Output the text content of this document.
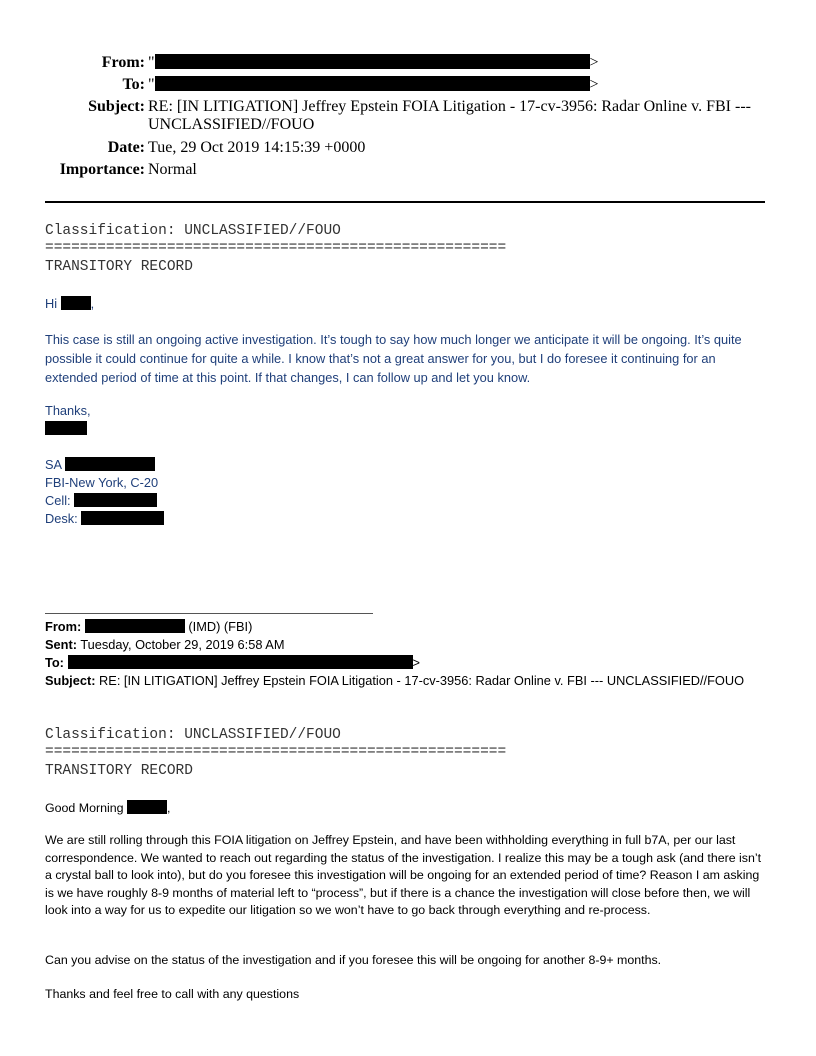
From: "	>
To: "	>
Subject: RE: [IN LITIGATION] Jeffrey Epstein FOIA Litigation - 17-cv-3956: Radar Online v. FBI --- UNCLASSIFIED//FOUO
Date: Tue, 29 Oct 2019 14:15:39 +0000
Importance: Normal
Classification: UNCLASSIFIED//FOUO
=====================================================
TRANSITORY RECORD
Hi	,
This case is still an ongoing active investigation. It’s tough to say how much longer we anticipate it will be ongoing. It’s quite possible it could continue for quite a while. I know that’s not a great answer for you, but I do foresee it continuing for an extended period of time at this point. If that changes, I can follow up and let you know.
Thanks,
SA
FBI-New York, C-20
Cell:
Desk:
From:	(IMD) (FBI)
Sent: Tuesday, October 29, 2019 6:58 AM
To:	>
Subject: RE: [IN LITIGATION] Jeffrey Epstein FOIA Litigation - 17-cv-3956: Radar Online v. FBI --- UNCLASSIFIED//FOUO
Classification: UNCLASSIFIED//FOUO
=====================================================
TRANSITORY RECORD
Good Morning	,
We are still rolling through this FOIA litigation on Jeffrey Epstein, and have been withholding everything in full b7A, per our last correspondence. We wanted to reach out regarding the status of the investigation. I realize this may be a tough ask (and there isn’t a crystal ball to look into), but do you foresee this investigation will be ongoing for an extended period of time? Reason I am asking is we have roughly 8-9 months of material left to “process”, but if there is a chance the investigation will close before then, we will look into a way for us to expedite our litigation so we won’t have to go back through everything and re-process.
Can you advise on the status of the investigation and if you foresee this will be ongoing for another 8-9+ months.
Thanks and feel free to call with any questions
